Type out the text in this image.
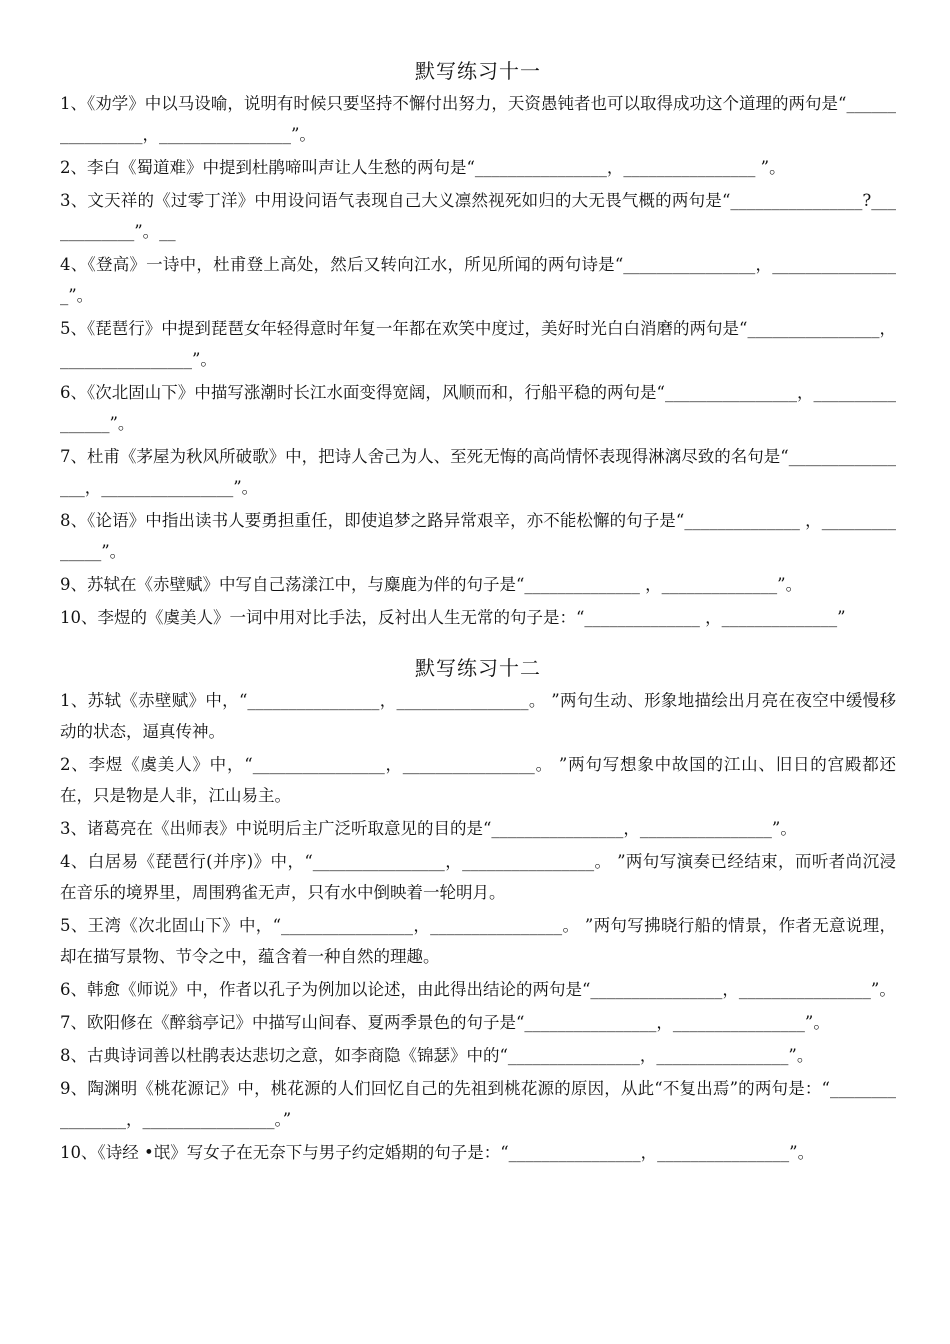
默写练习十一

1、《劝学》中以马设喻，说明有时候只要坚持不懈付出努力，天资愚钝者也可以取得成功这个道理的两句是“________________，________________”。

2、李白《蜀道难》中提到杜鹃啼叫声让人生愁的两句是“________________，________________ ”。

3、文天祥的《过零丁洋》中用设问语气表现自己大义凛然视死如归的大无畏气概的两句是“________________?____________”。__

4、《登高》一诗中，杜甫登上高处，然后又转向江水，所见所闻的两句诗是“________________，________________”。

5、《琵琶行》中提到琵琶女年轻得意时年复一年都在欢笑中度过，美好时光白白消磨的两句是“________________，________________”。

6、《次北固山下》中描写涨潮时长江水面变得宽阔，风顺而和，行船平稳的两句是“________________，________________”。

7、杜甫《茅屋为秋风所破歌》中，把诗人舍己为人、至死无悔的高尚情怀表现得淋漓尽致的名句是“________________，________________”。

8、《论语》中指出读书人要勇担重任，即使追梦之路异常艰辛，亦不能松懈的句子是“______________ ，______________”。

9、苏轼在《赤壁赋》中写自己荡漾江中，与麋鹿为伴的句子是“______________ ，______________”。

10、李煜的《虞美人》一词中用对比手法，反衬出人生无常的句子是：“______________ ，______________”

默写练习十二

1、苏轼《赤壁赋》中，“________________，________________。 ”两句生动、形象地描绘出月亮在夜空中缓慢移动的状态，逼真传神。

2、李煜《虞美人》中，“________________，________________。 ”两句写想象中故国的江山、旧日的宫殿都还在，只是物是人非，江山易主。

3、诸葛亮在《出师表》中说明后主广泛听取意见的目的是“________________，________________”。

4、白居易《琵琶行(并序)》中，“________________，________________。 ”两句写演奏已经结束，而听者尚沉浸在音乐的境界里，周围鸦雀无声，只有水中倒映着一轮明月。

5、王湾《次北固山下》中，“________________，________________。 ”两句写拂晓行船的情景，作者无意说理，却在描写景物、节令之中，蕴含着一种自然的理趣。

6、韩愈《师说》中，作者以孔子为例加以论述，由此得出结论的两句是“________________，________________”。

7、欧阳修在《醉翁亭记》中描写山间春、夏两季景色的句子是“________________，________________”。

8、古典诗词善以杜鹃表达悲切之意，如李商隐《锦瑟》中的“________________，________________”。

9、陶渊明《桃花源记》中，桃花源的人们回忆自己的先祖到桃花源的原因，从此“不复出焉”的两句是：“________________，________________。”

10、《诗经 •氓》写女子在无奈下与男子约定婚期的句子是：“________________，________________”。
